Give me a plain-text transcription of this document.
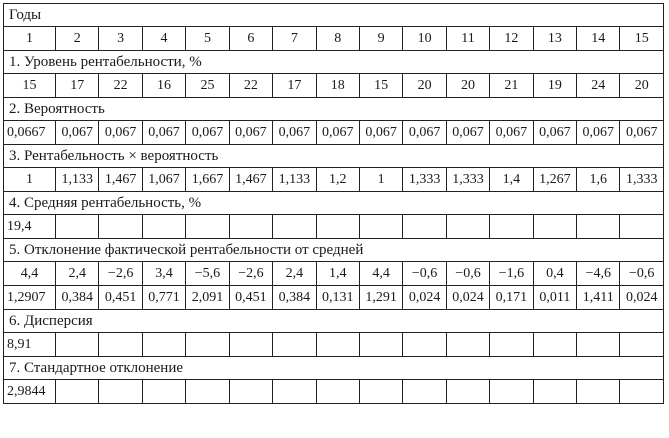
Годы														
1	2	3	4	5	6	7	8	9	10	11	12	13	14	15
1. Уровень рентабельности, %														
15	17	22	16	25	22	17	18	15	20	20	21	19	24	20
2. Вероятность														
0,0667	0,067	0,067	0,067	0,067	0,067	0,067	0,067	0,067	0,067	0,067	0,067	0,067	0,067	0,067
3. Рентабельность × вероятность														
1	1,133	1,467	1,067	1,667	1,467	1,133	1,2	1	1,333	1,333	1,4	1,267	1,6	1,333
4. Средняя рентабельность, %														
19,4														
5. Отклонение фактической рентабельности от средней														
4,4	2,4	−2,6	3,4	−5,6	−2,6	2,4	1,4	4,4	−0,6	−0,6	−1,6	0,4	−4,6	−0,6
1,2907	0,384	0,451	0,771	2,091	0,451	0,384	0,131	1,291	0,024	0,024	0,171	0,011	1,411	0,024
6. Дисперсия														
8,91														
7. Стандартное отклонение														
2,9844														
